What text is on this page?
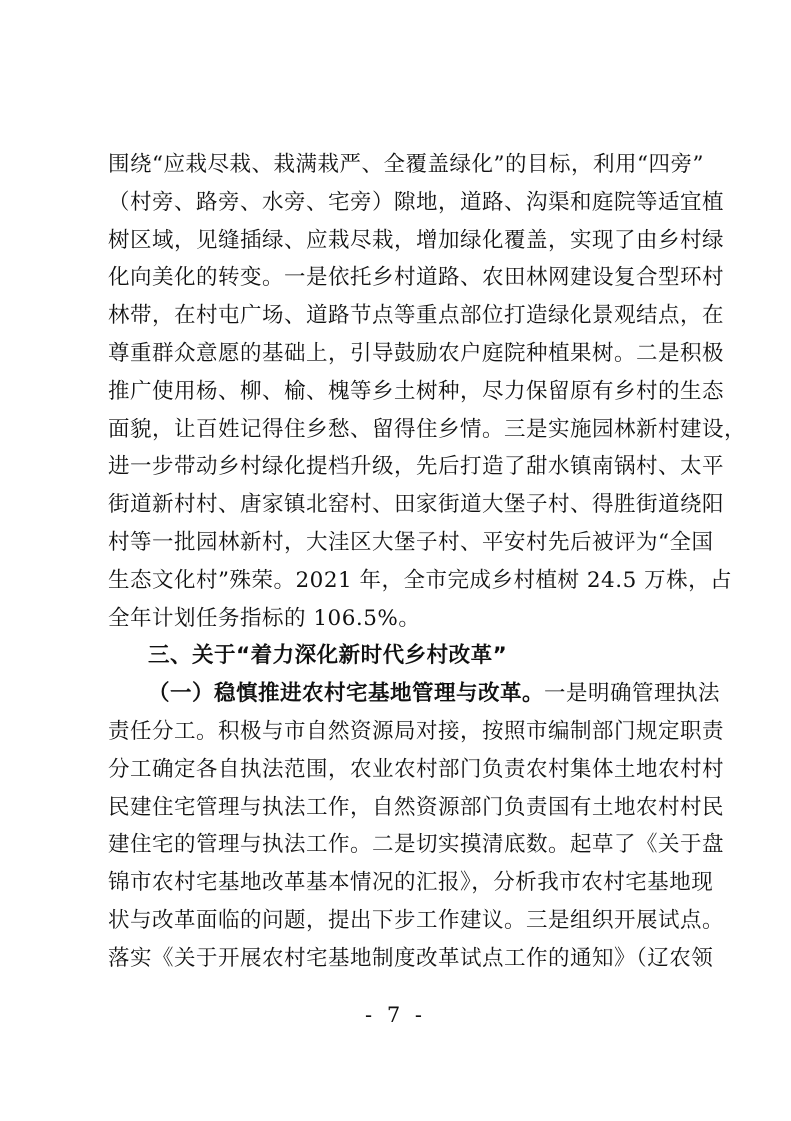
围绕“应栽尽栽、栽满栽严、全覆盖绿化”的目标，利用“四旁”
（村旁、路旁、水旁、宅旁）隙地，道路、沟渠和庭院等适宜植
树区域，见缝插绿、应栽尽栽，增加绿化覆盖，实现了由乡村绿
化向美化的转变。一是依托乡村道路、农田林网建设复合型环村
林带，在村屯广场、道路节点等重点部位打造绿化景观结点，在
尊重群众意愿的基础上，引导鼓励农户庭院种植果树。二是积极
推广使用杨、柳、榆、槐等乡土树种，尽力保留原有乡村的生态
面貌，让百姓记得住乡愁、留得住乡情。三是实施园林新村建设，
进一步带动乡村绿化提档升级，先后打造了甜水镇南锅村、太平
街道新村村、唐家镇北窑村、田家街道大堡子村、得胜街道绕阳
村等一批园林新村，大洼区大堡子村、平安村先后被评为“全国
生态文化村”殊荣。2021 年，全市完成乡村植树 24.5 万株，占
全年计划任务指标的 106.5%。
三、关于“着力深化新时代乡村改革”
（一）稳慎推进农村宅基地管理与改革。一是明确管理执法
责任分工。积极与市自然资源局对接，按照市编制部门规定职责
分工确定各自执法范围，农业农村部门负责农村集体土地农村村
民建住宅管理与执法工作，自然资源部门负责国有土地农村村民
建住宅的管理与执法工作。二是切实摸清底数。起草了《关于盘
锦市农村宅基地改革基本情况的汇报》，分析我市农村宅基地现
状与改革面临的问题，提出下步工作建议。三是组织开展试点。
落实《关于开展农村宅基地制度改革试点工作的通知》（辽农领
- 7 -
